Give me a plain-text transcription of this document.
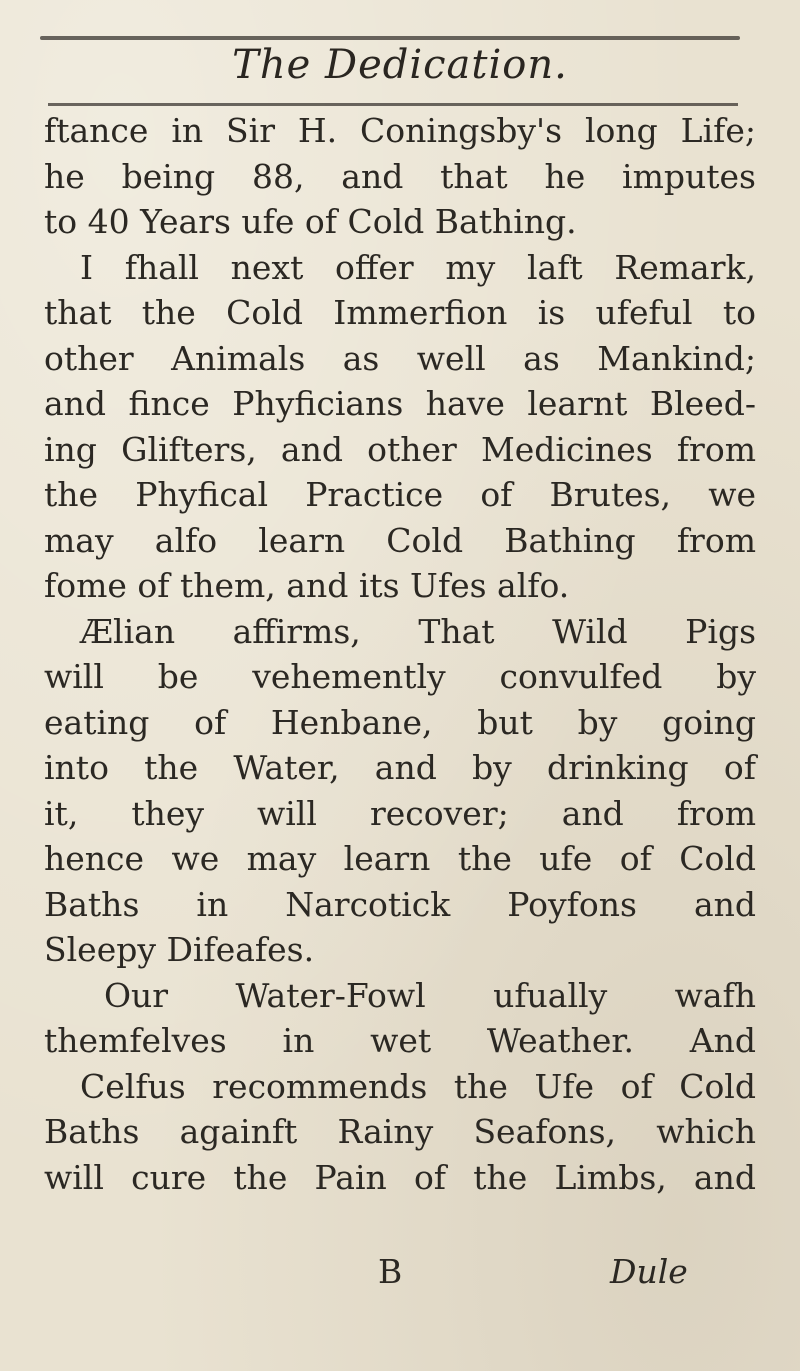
The Dedication.
ftance in Sir H. Coningsby's long Life;
he being 88, and that he imputes
to 40 Years ufe of Cold Bathing.
I fhall next offer my laft Remark,
that the Cold Immerfion is ufeful to
other Animals as well as Mankind;
and fince Phyficians have learnt Bleed-
ing Glifters, and other Medicines from
the Phyfical Practice of Brutes, we
may alfo learn Cold Bathing from
fome of them, and its Ufes alfo.
Ælian affirms, That Wild Pigs
will be vehemently convulfed by
eating of Henbane, but by going
into the Water, and by drinking of
it, they will recover; and from
hence we may learn the ufe of Cold
Baths in Narcotick Poyfons and
Sleepy Difeafes.
Our Water-Fowl ufually wafh
themfelves in wet Weather. And
Celfus recommends the Ufe of Cold
Baths againft Rainy Seafons, which
will cure the Pain of the Limbs, and
B	Dule
